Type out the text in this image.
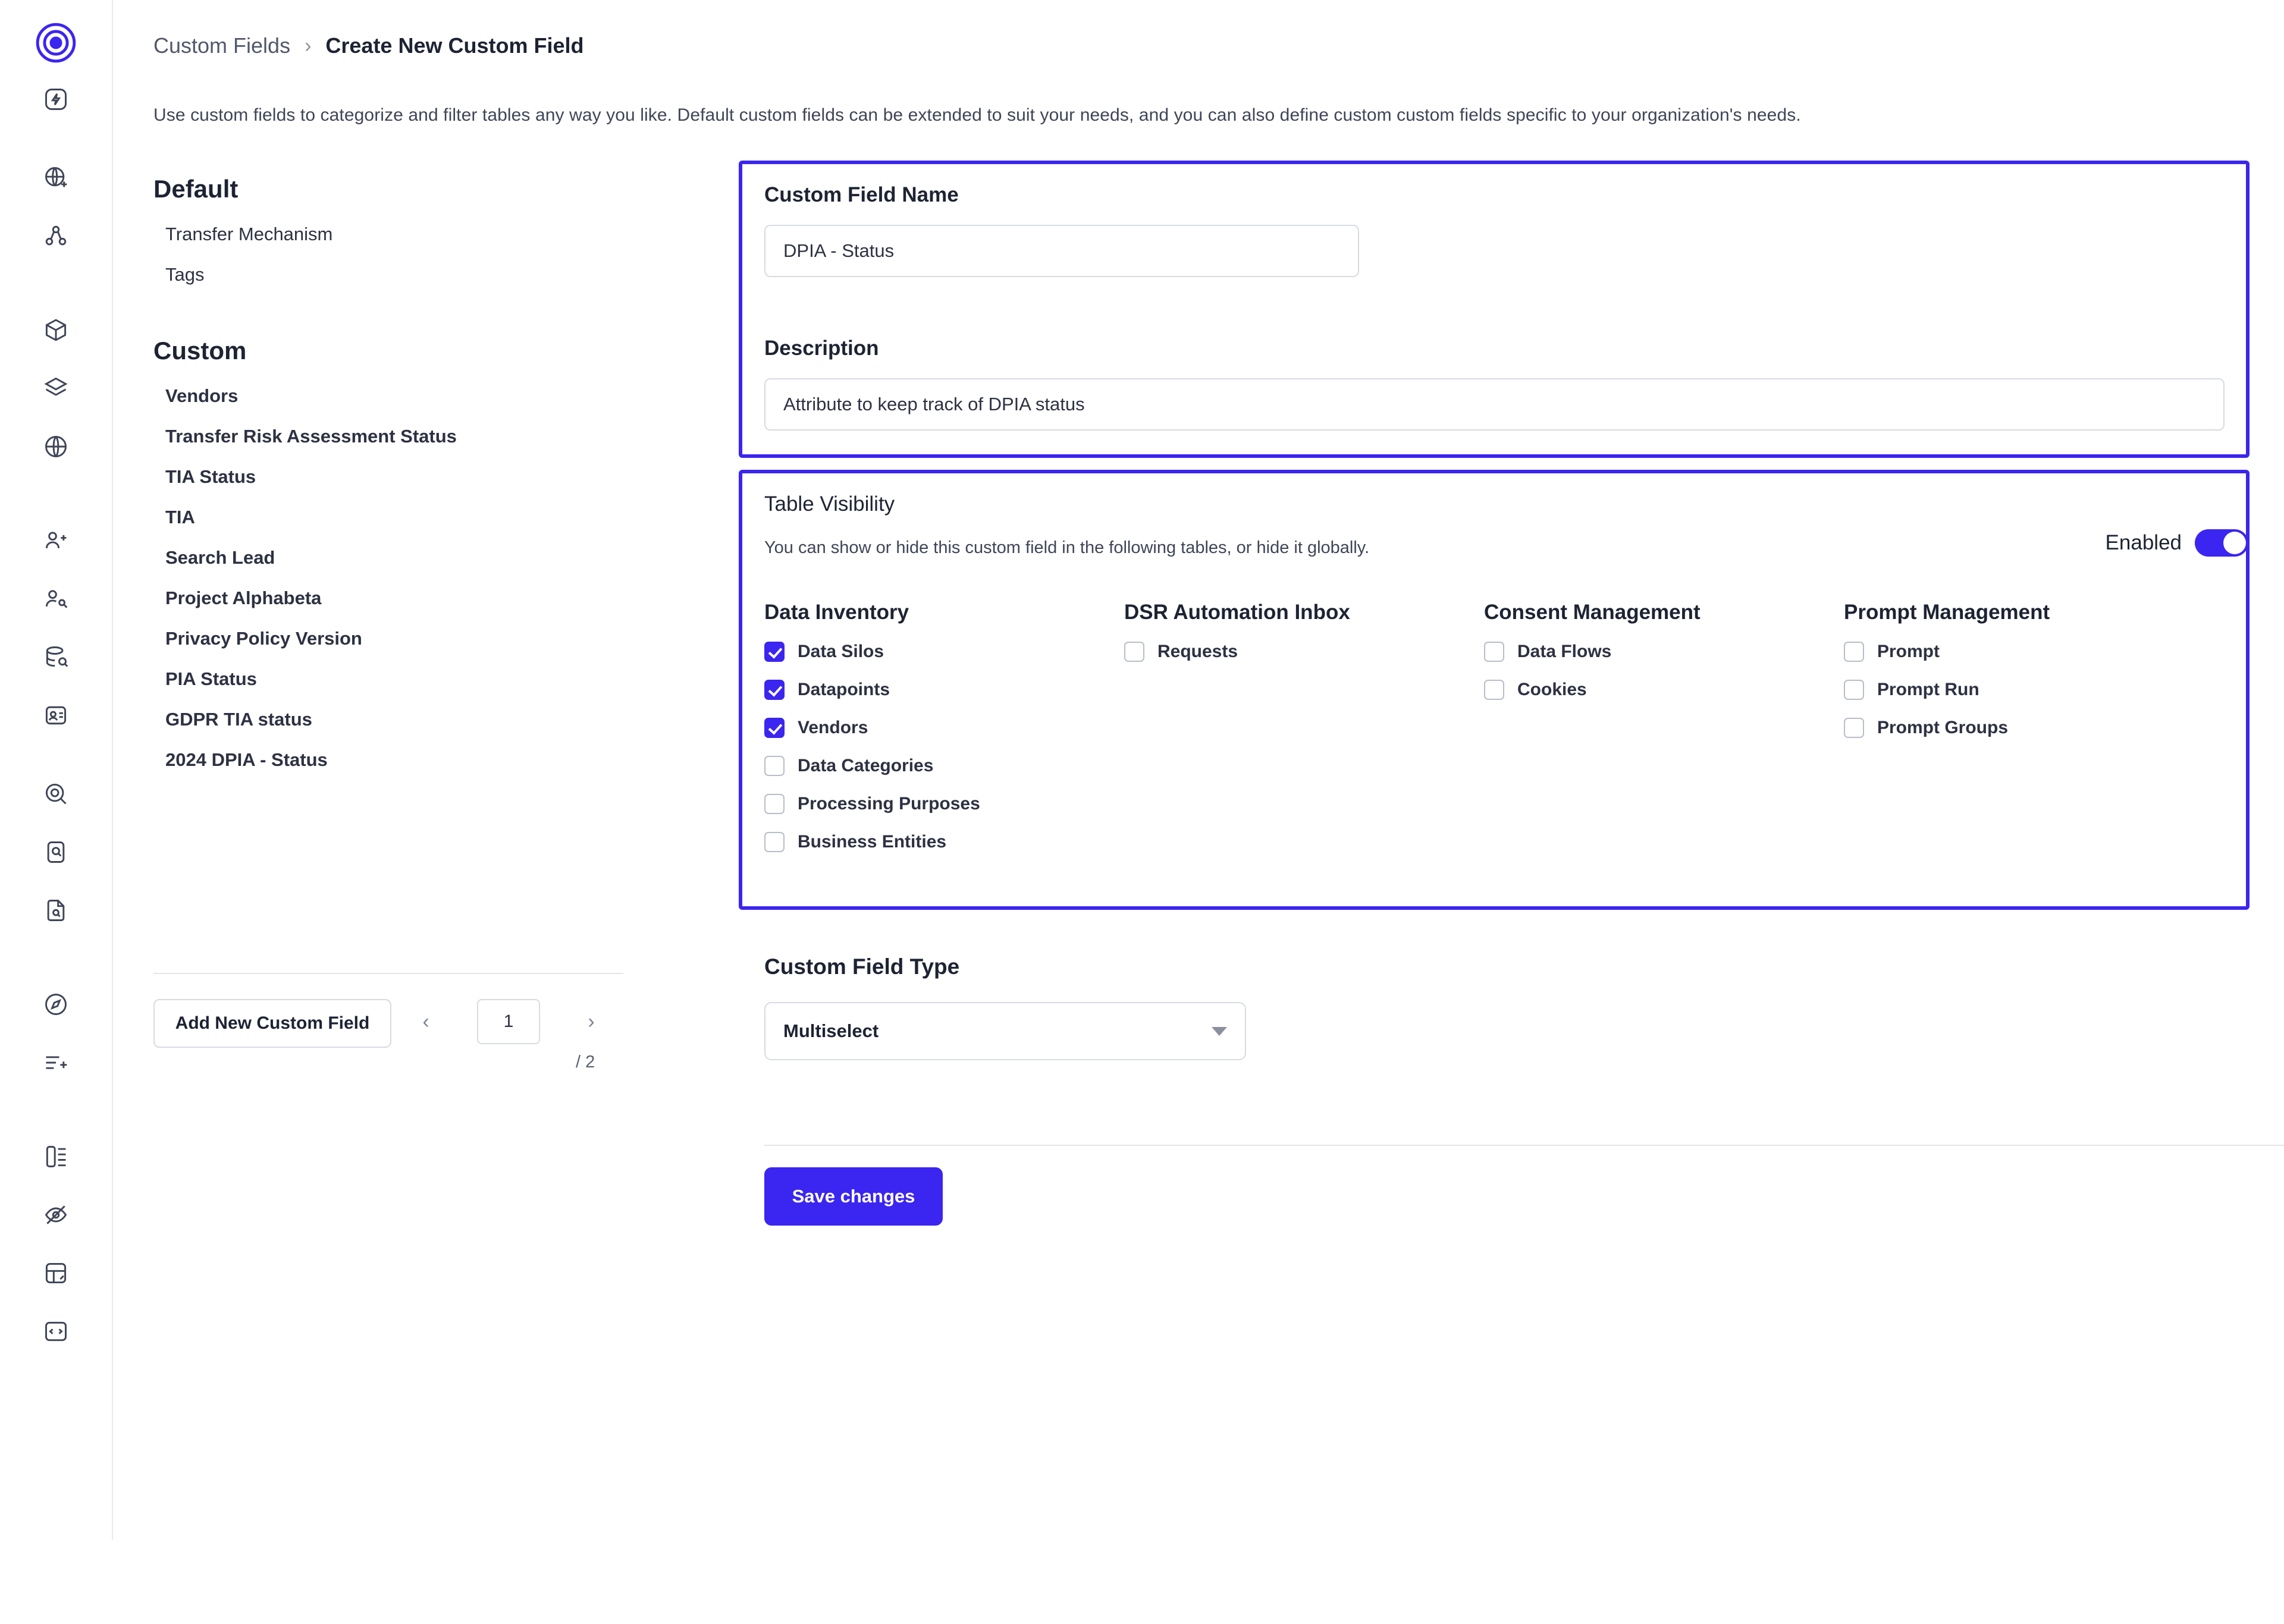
Custom Fields › Create New Custom Field
Use custom fields to categorize and filter tables any way you like. Default custom fields can be extended to suit your needs, and you can also define custom custom fields specific to your organization's needs.
Default
Transfer Mechanism
Tags
Custom
Vendors
Transfer Risk Assessment Status
TIA Status
TIA
Search Lead
Project Alphabeta
Privacy Policy Version
PIA Status
GDPR TIA status
2024 DPIA - Status
Add New Custom Field	‹	1	›
/ 2
Custom Field Name
DPIA - Status
Description
Attribute to keep track of DPIA status
Table Visibility
You can show or hide this custom field in the following tables, or hide it globally.	Enabled
Data Inventory
Data Silos
Datapoints
Vendors
Data Categories
Processing Purposes
Business Entities
DSR Automation Inbox
Requests
Consent Management
Data Flows
Cookies
Prompt Management
Prompt
Prompt Run
Prompt Groups
Custom Field Type
Multiselect
Save changes
